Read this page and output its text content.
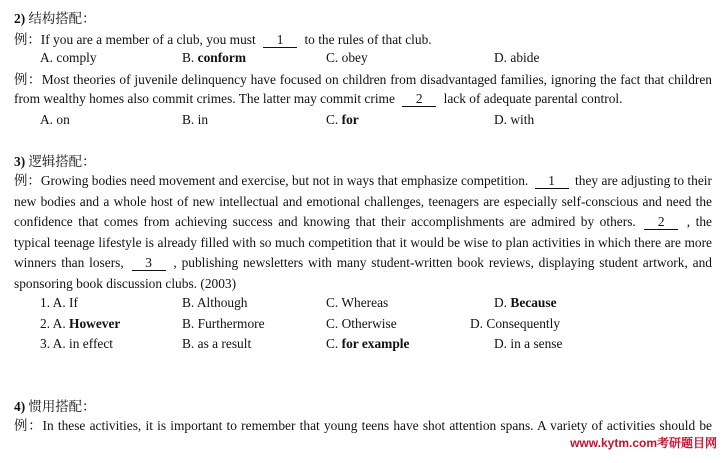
2) 结构搭配：
例：If you are a member of a club, you must 1 to the rules of that club.
A. comply	B. conform	C. obey	D. abide
例：Most theories of juvenile delinquency have focused on children from disadvantaged families, ignoring the fact that children
from wealthy homes also commit crimes. The latter may commit crime 2 lack of adequate parental control.
A. on	B. in	C. for	D. with
3) 逻辑搭配：
例：Growing bodies need movement and exercise, but not in ways that emphasize competition. 1 they are adjusting to their new bodies and a whole host of new intellectual and emotional challenges, teenagers are especially self-conscious and need the confidence that comes from achieving success and knowing that their accomplishments are admired by others. 2 , the typical teenage lifestyle is already filled with so much competition that it would be wise to plan activities in which there are more winners than losers, 3 , publishing newsletters with many student-written book reviews, displaying student artwork, and sponsoring book discussion clubs. (2003)
1. A. If	B. Although	C. Whereas	D. Because
2. A. However	B. Furthermore	C. Otherwise	D. Consequently
3. A. in effect	B. as a result	C. for example	D. in a sense
4) 惯用搭配：
例：In these activities, it is important to remember that young teens have shot attention spans. A variety of activities should be
www.kytm.com考研题目网
